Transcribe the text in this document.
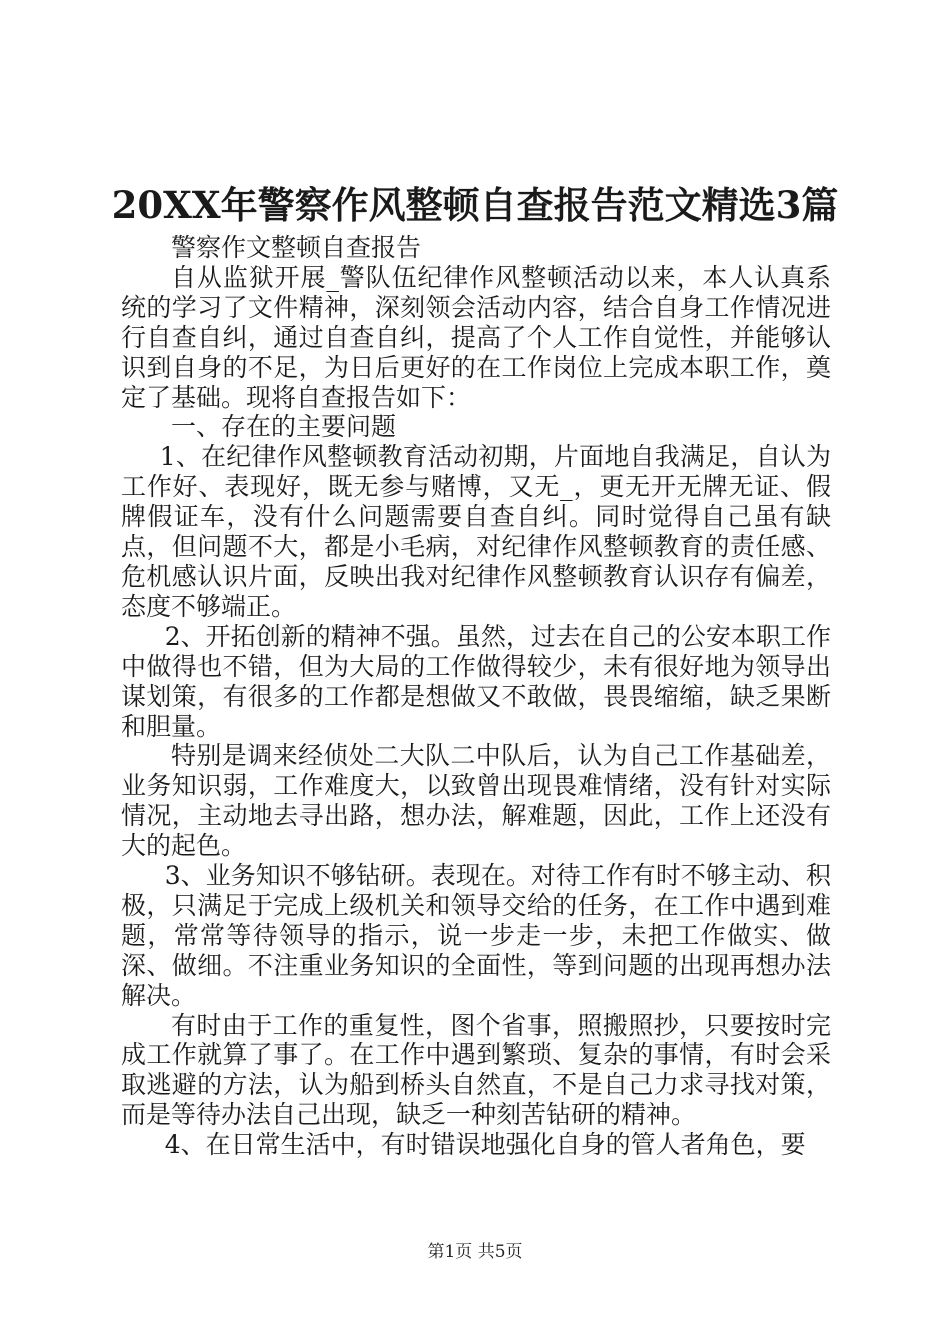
20XX年警察作风整顿自查报告范文精选3篇

警察作文整顿自查报告

自从监狱开展_警队伍纪律作风整顿活动以来，本人认真系统的学习了文件精神，深刻领会活动内容，结合自身工作情况进行自查自纠，通过自查自纠，提高了个人工作自觉性，并能够认识到自身的不足，为日后更好的在工作岗位上完成本职工作，奠定了基础。现将自查报告如下：

一、存在的主要问题

1、在纪律作风整顿教育活动初期，片面地自我满足，自认为工作好、表现好，既无参与赌博，又无_，更无开无牌无证、假牌假证车，没有什么问题需要自查自纠。同时觉得自己虽有缺点，但问题不大，都是小毛病，对纪律作风整顿教育的责任感、危机感认识片面，反映出我对纪律作风整顿教育认识存有偏差，态度不够端正。

2、开拓创新的精神不强。虽然，过去在自己的公安本职工作中做得也不错，但为大局的工作做得较少，未有很好地为领导出谋划策，有很多的工作都是想做又不敢做，畏畏缩缩，缺乏果断和胆量。

特别是调来经侦处二大队二中队后，认为自己工作基础差，业务知识弱，工作难度大，以致曾出现畏难情绪，没有针对实际情况，主动地去寻出路，想办法，解难题，因此，工作上还没有大的起色。

3、业务知识不够钻研。表现在。对待工作有时不够主动、积极，只满足于完成上级机关和领导交给的任务，在工作中遇到难题，常常等待领导的指示，说一步走一步，未把工作做实、做深、做细。不注重业务知识的全面性，等到问题的出现再想办法解决。

有时由于工作的重复性，图个省事，照搬照抄，只要按时完成工作就算了事了。在工作中遇到繁琐、复杂的事情，有时会采取逃避的方法，认为船到桥头自然直，不是自己力求寻找对策，而是等待办法自己出现，缺乏一种刻苦钻研的精神。

4、在日常生活中，有时错误地强化自身的管人者角色，要

第1页 共5页
